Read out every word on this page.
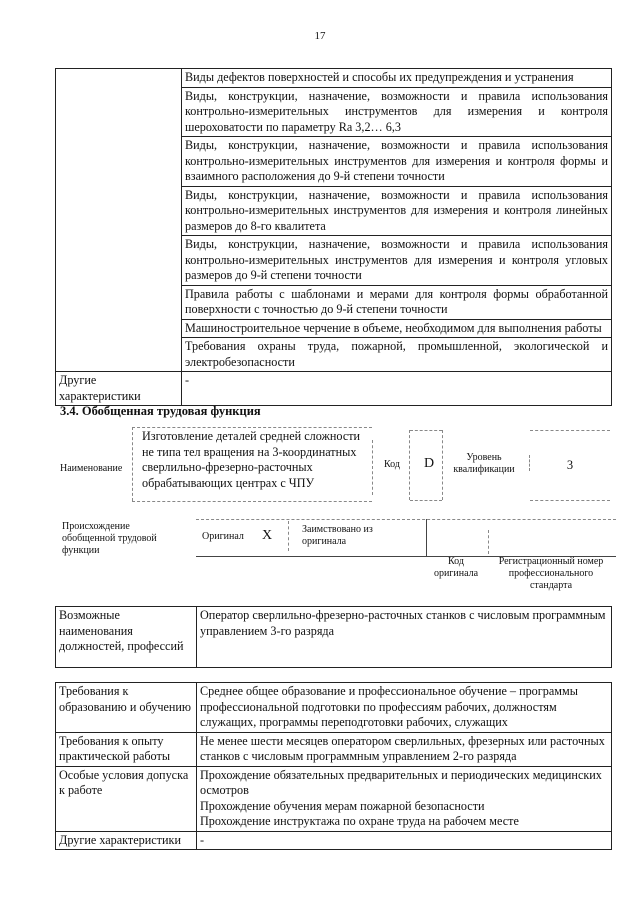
17
	Виды дефектов поверхностей и способы их предупреждения и устранения
	Виды, конструкции, назначение, возможности и правила использования контрольно-измерительных инструментов для измерения и контроля шероховатости по параметру Ra 3,2… 6,3
	Виды, конструкции, назначение, возможности и правила использования контрольно-измерительных инструментов для измерения и контроля формы и взаимного расположения до 9-й степени точности
	Виды, конструкции, назначение, возможности и правила использования контрольно-измерительных инструментов для измерения и контроля линейных размеров до 8-го квалитета
	Виды, конструкции, назначение, возможности и правила использования контрольно-измерительных инструментов для измерения и контроля угловых размеров до 9-й степени точности
	Правила работы с шаблонами и мерами для контроля формы обработанной поверхности с точностью до 9-й степени точности
	Машиностроительное черчение в объеме, необходимом для выполнения работы
	Требования охраны труда, пожарной, промышленной, экологической и электробезопасности
Другие характеристики	-
3.4. Обобщенная трудовая функция
Наименование
Изготовление деталей средней сложности не типа тел вращения на 3-координатных сверлильно-фрезерно-расточных обрабатывающих центрах с ЧПУ
Код D	Уровень квалификации	3
Происхождение обобщенной трудовой функции
Оригинал X	Заимствовано из оригинала
Код оригинала
Регистрационный номер профессионального стандарта
Возможные наименования должностей, профессий	Оператор сверлильно-фрезерно-расточных станков с числовым программным управлением 3-го разряда
Требования к образованию и обучению	Среднее общее образование и профессиональное обучение – программы профессиональной подготовки по профессиям рабочих, должностям служащих, программы переподготовки рабочих, служащих

Требования к опыту практической работы	Не менее шести месяцев оператором сверлильных, фрезерных или расточных станков с числовым программным управлением 2-го разряда

Особые условия допуска к работе	Прохождение обязательных предварительных и периодических медицинских осмотров
Прохождение обучения мерам пожарной безопасности
Прохождение инструктажа по охране труда на рабочем месте

Другие характеристики	-
